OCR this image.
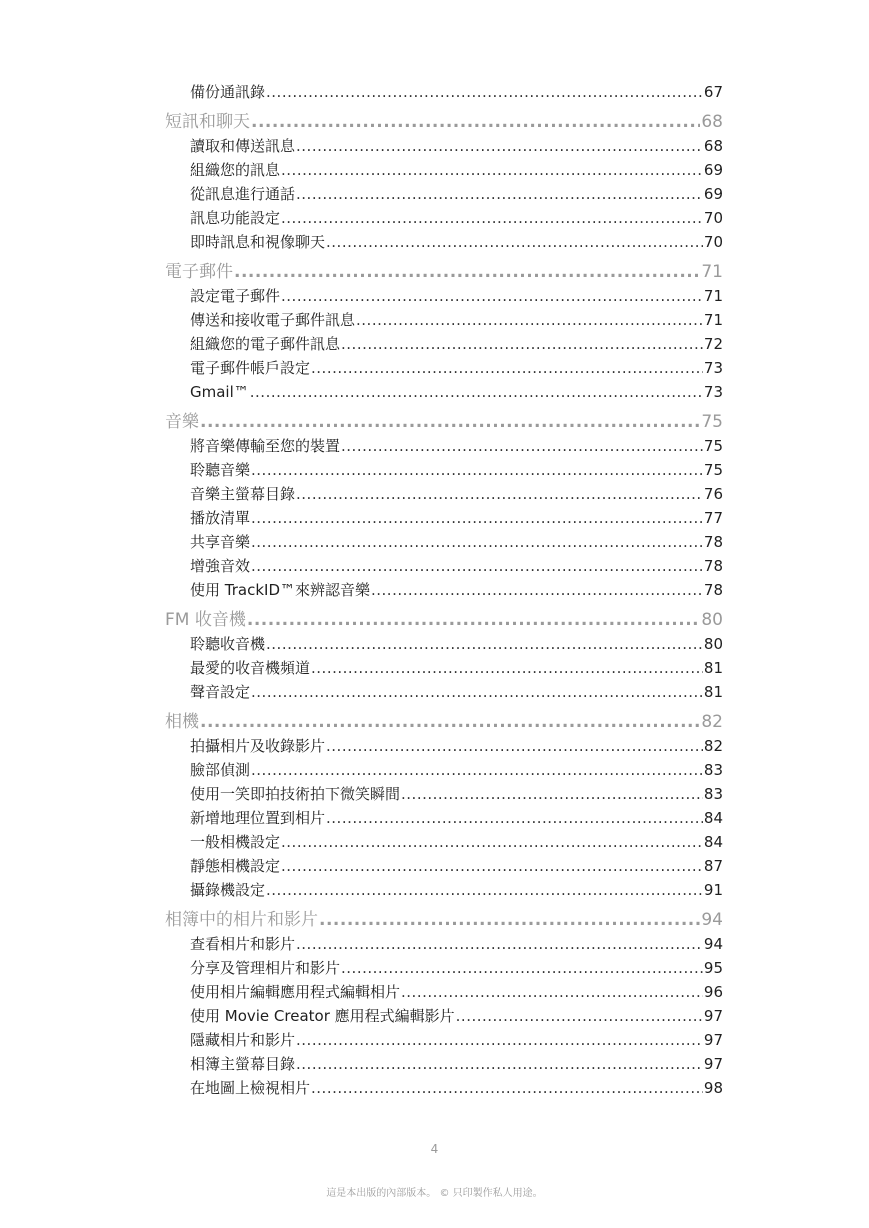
備份通訊錄 .....	67
短訊和聊天 .....	68
讀取和傳送訊息 .....	68
組織您的訊息 .....	69
從訊息進行通話 .....	69
訊息功能設定 .....	70
即時訊息和視像聊天 .....	70
電子郵件 .....	71
設定電子郵件 .....	71
傳送和接收電子郵件訊息 .....	71
組織您的電子郵件訊息 .....	72
電子郵件帳戶設定 .....	73
Gmail™ .....	73
音樂 .....	75
將音樂傳輸至您的裝置 .....	75
聆聽音樂 .....	75
音樂主螢幕目錄 .....	76
播放清單 .....	77
共享音樂 .....	78
增強音效 .....	78
使用 TrackID™來辨認音樂 .....	78
FM 收音機 .....	80
聆聽收音機 .....	80
最愛的收音機頻道 .....	81
聲音設定 .....	81
相機 .....	82
拍攝相片及收錄影片 .....	82
臉部偵測 .....	83
使用一笑即拍技術拍下微笑瞬間 .....	83
新增地理位置到相片 .....	84
一般相機設定 .....	84
靜態相機設定 .....	87
攝錄機設定 .....	91
相簿中的相片和影片 .....	94
查看相片和影片 .....	94
分享及管理相片和影片 .....	95
使用相片編輯應用程式編輯相片 .....	96
使用 Movie Creator 應用程式編輯影片 .....	97
隱藏相片和影片 .....	97
相簿主螢幕目錄 .....	97
在地圖上檢視相片 .....	98
4
這是本出版的內部版本。 © 只印製作私人用途。
